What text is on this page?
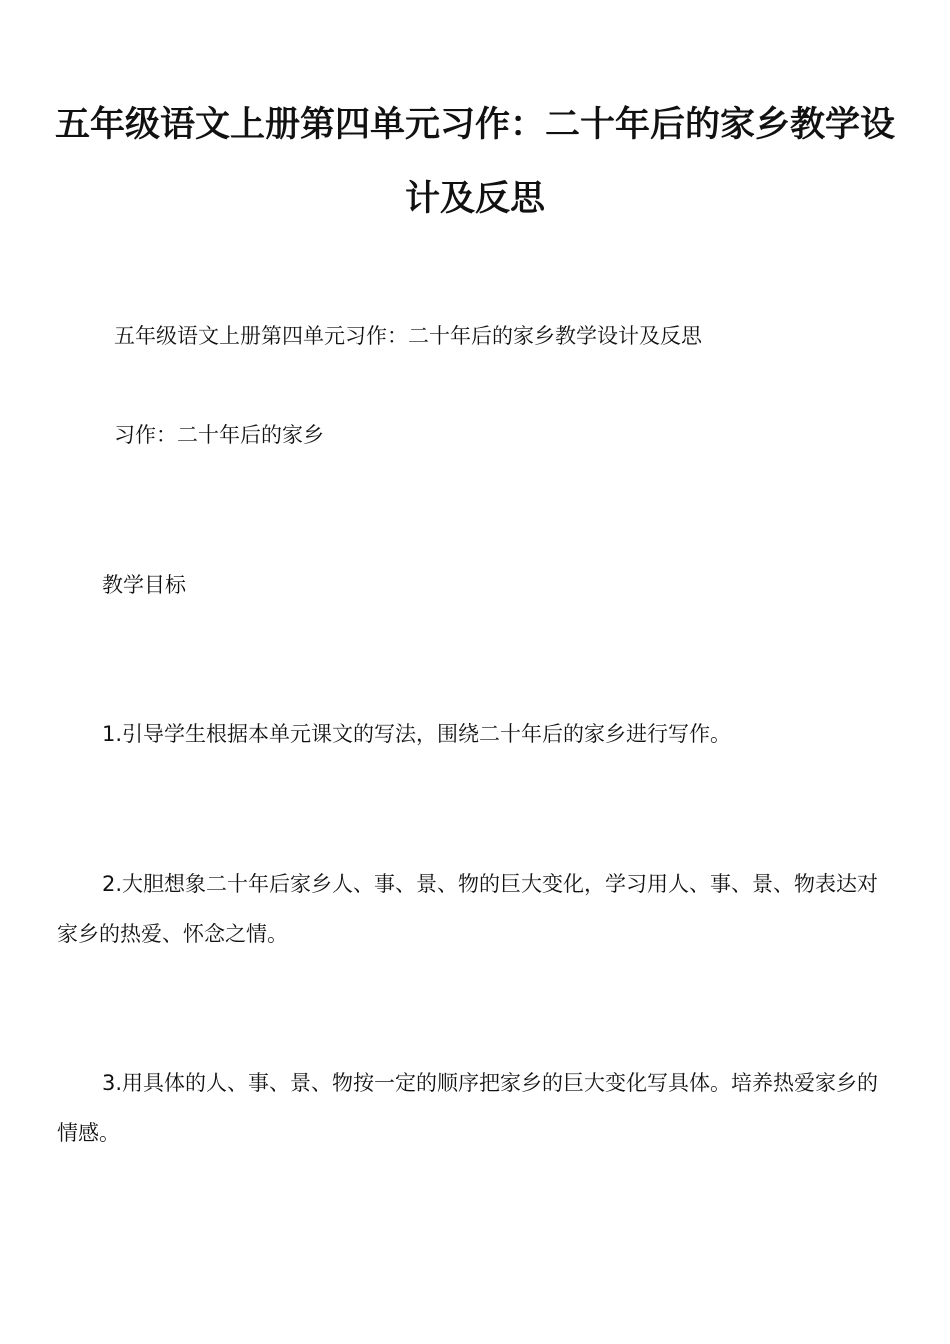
五年级语文上册第四单元习作：二十年后的家乡教学设计及反思
五年级语文上册第四单元习作：二十年后的家乡教学设计及反思
习作：二十年后的家乡
教学目标
1.引导学生根据本单元课文的写法，围绕二十年后的家乡进行写作。
2.大胆想象二十年后家乡人、事、景、物的巨大变化，学习用人、事、景、物表达对家乡的热爱、怀念之情。
3.用具体的人、事、景、物按一定的顺序把家乡的巨大变化写具体。培养热爱家乡的情感。
